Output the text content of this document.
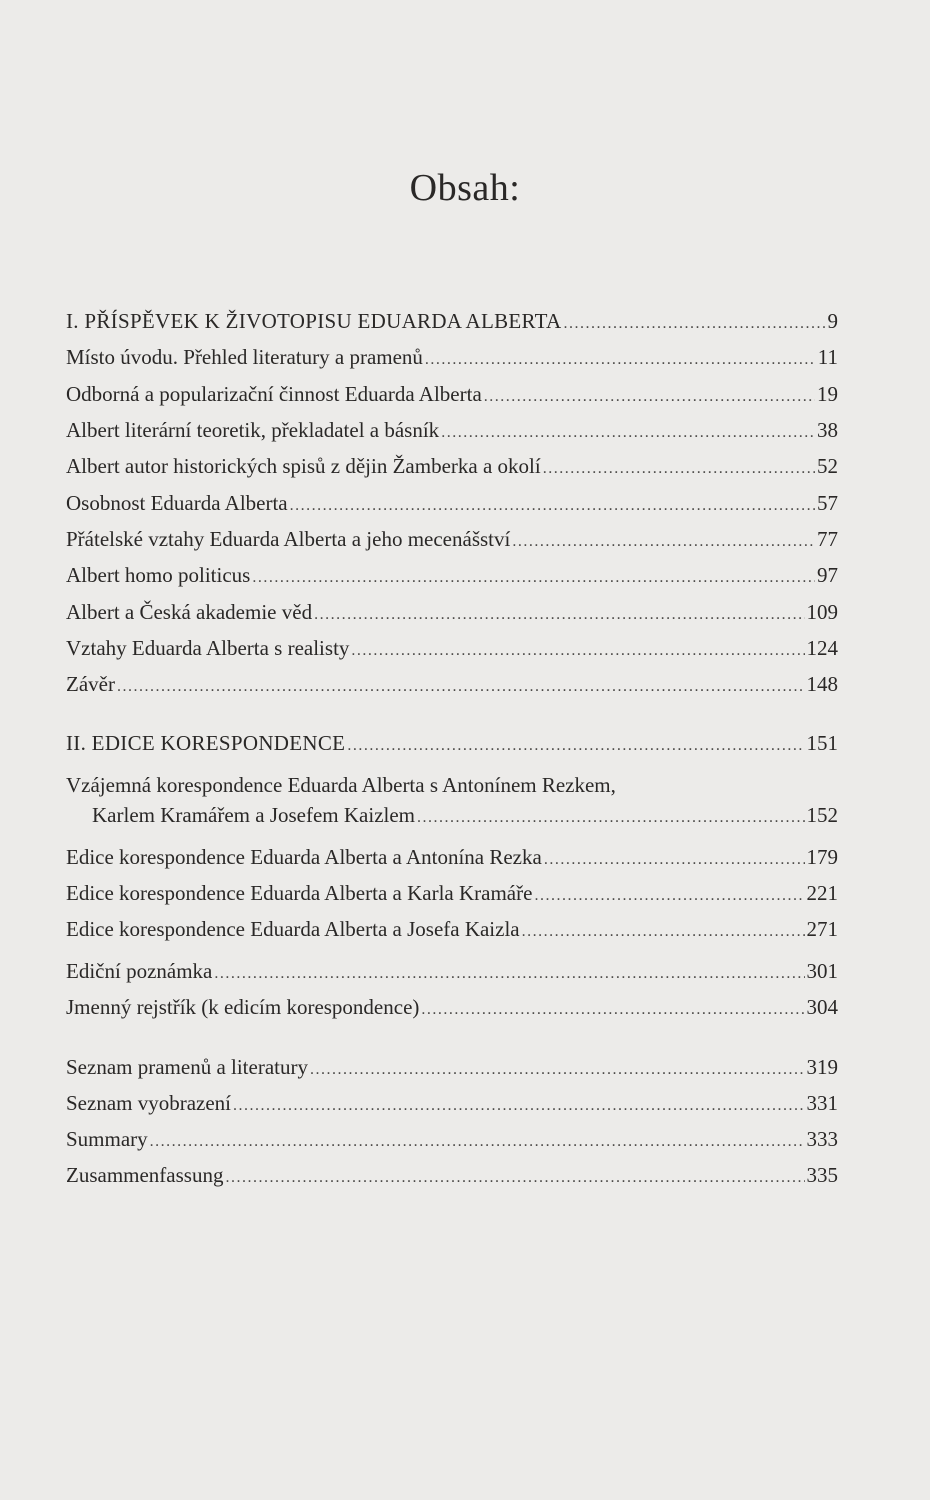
Obsah:
I. PŘÍSPĚVEK K ŽIVOTOPISU EDUARDA ALBERTA .....	9
Místo úvodu. Přehled literatury a pramenů .....	11
Odborná a popularizační činnost Eduarda Alberta .....	19
Albert literární teoretik, překladatel a básník .....	38
Albert autor historických spisů z dějin Žamberka a okolí .....	52
Osobnost Eduarda Alberta .....	57
Přátelské vztahy Eduarda Alberta a jeho mecenášství .....	77
Albert homo politicus .....	97
Albert a Česká akademie věd .....	109
Vztahy Eduarda Alberta s realisty .....	124
Závěr .....	148
II. EDICE KORESPONDENCE .....	151
Vzájemná korespondence Eduarda Alberta s Antonínem Rezkem,
Karlem Kramářem a Josefem Kaizlem .....	152
Edice korespondence Eduarda Alberta a Antonína Rezka .....	179
Edice korespondence Eduarda Alberta a Karla Kramáře .....	221
Edice korespondence Eduarda Alberta a Josefa Kaizla .....	271
Ediční poznámka .....	301
Jmenný rejstřík (k edicím korespondence) .....	304
Seznam pramenů a literatury .....	319
Seznam vyobrazení .....	331
Summary .....	333
Zusammenfassung .....	335
